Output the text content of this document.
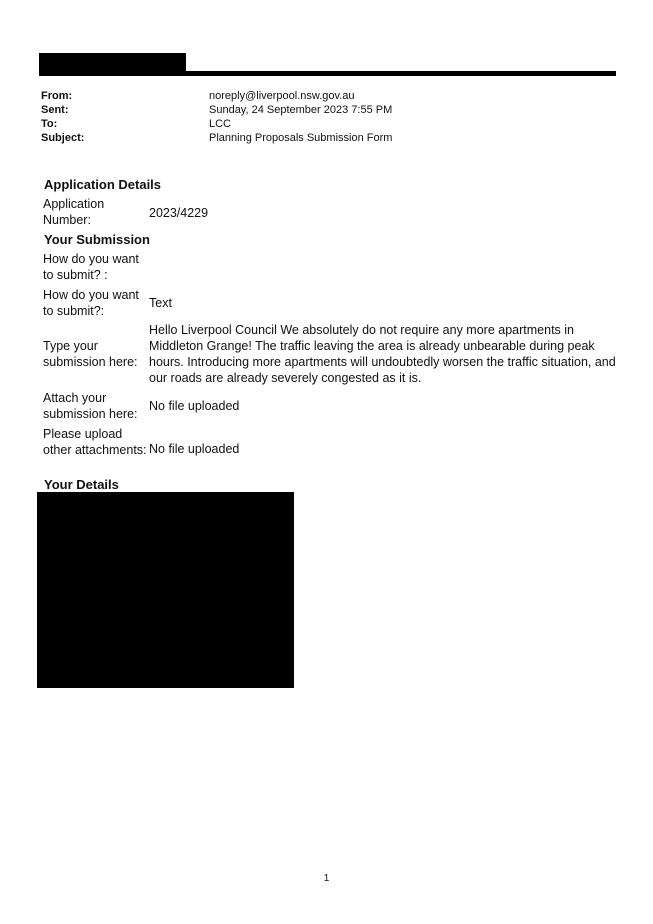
From:	noreply@liverpool.nsw.gov.au
Sent:	Sunday, 24 September 2023 7:55 PM
To:	LCC
Subject:	Planning Proposals Submission Form
Application Details
Application Number:	2023/4229
Your Submission
How do you want to submit? :
How do you want to submit?:
Text
Type your submission here:
Hello Liverpool Council We absolutely do not require any more apartments in Middleton Grange! The traffic leaving the area is already unbearable during peak hours. Introducing more apartments will undoubtedly worsen the traffic situation, and our roads are already severely congested as it is.
Attach your submission here:
No file uploaded
Please upload other attachments: No file uploaded
Your Details
1
